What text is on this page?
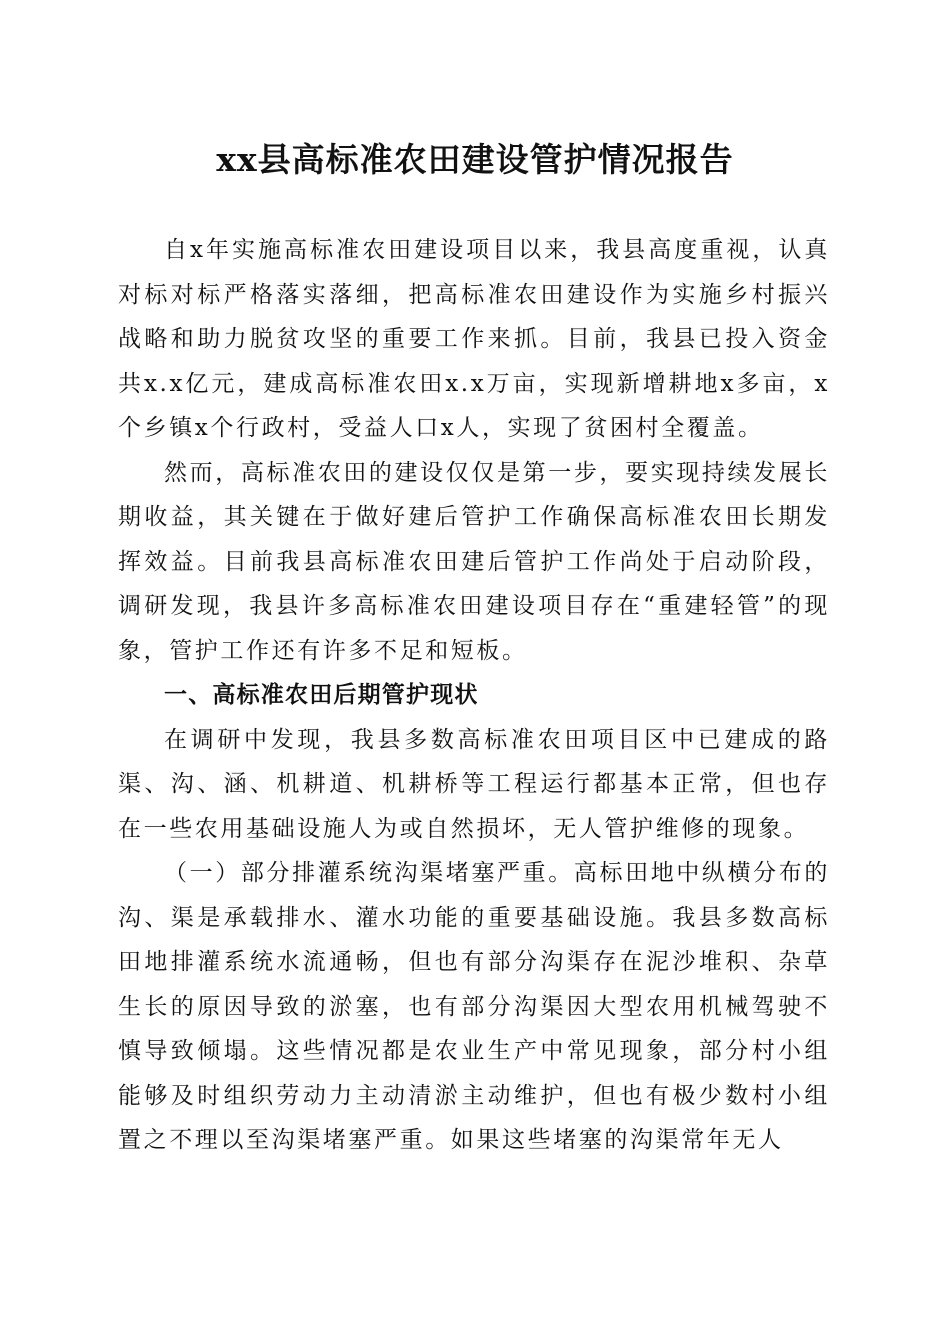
xx县高标准农田建设管护情况报告

自x年实施高标准农田建设项目以来，我县高度重视，认真对标对标严格落实落细，把高标准农田建设作为实施乡村振兴战略和助力脱贫攻坚的重要工作来抓。目前，我县已投入资金共x.x亿元，建成高标准农田x.x万亩，实现新增耕地x多亩，x个乡镇x个行政村，受益人口x人，实现了贫困村全覆盖。

然而，高标准农田的建设仅仅是第一步，要实现持续发展长期收益，其关键在于做好建后管护工作确保高标准农田长期发挥效益。目前我县高标准农田建后管护工作尚处于启动阶段，调研发现，我县许多高标准农田建设项目存在“重建轻管”的现象，管护工作还有许多不足和短板。

一、高标准农田后期管护现状

在调研中发现，我县多数高标准农田项目区中已建成的路渠、沟、涵、机耕道、机耕桥等工程运行都基本正常，但也存在一些农用基础设施人为或自然损坏，无人管护维修的现象。

（一）部分排灌系统沟渠堵塞严重。高标田地中纵横分布的沟、渠是承载排水、灌水功能的重要基础设施。我县多数高标田地排灌系统水流通畅，但也有部分沟渠存在泥沙堆积、杂草生长的原因导致的淤塞，也有部分沟渠因大型农用机械驾驶不慎导致倾塌。这些情况都是农业生产中常见现象，部分村小组能够及时组织劳动力主动清淤主动维护，但也有极少数村小组置之不理以至沟渠堵塞严重。如果这些堵塞的沟渠常年无人
